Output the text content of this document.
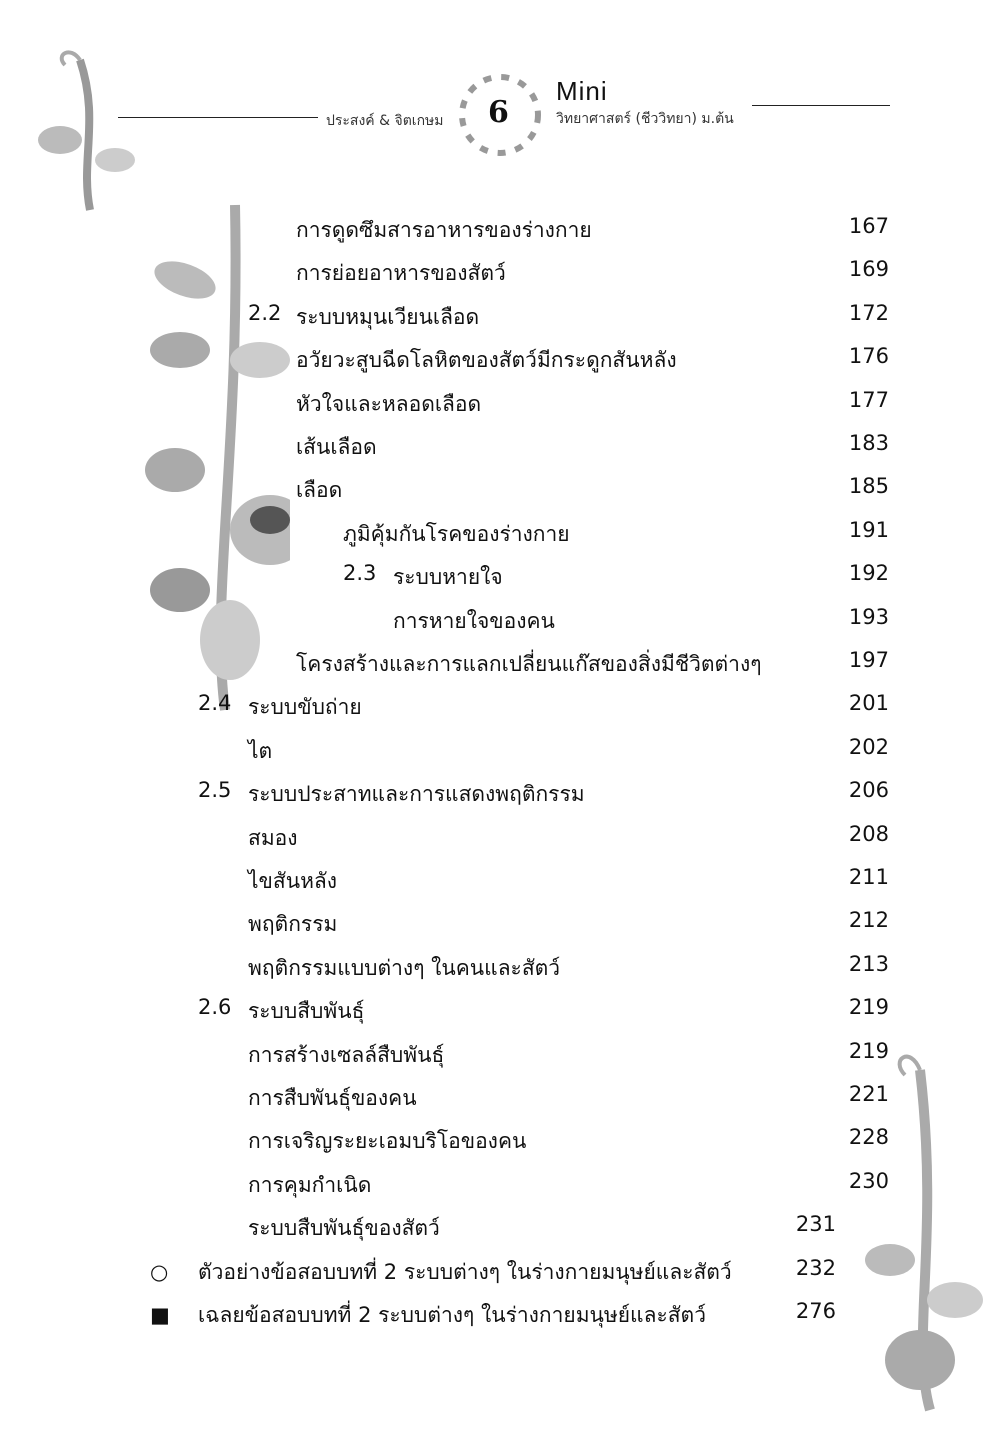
ประสงค์ & จิตเกษม 6
Mini
วิทยาศาสตร์ (ชีววิทยา) ม.ต้น
การดูดซึมสารอาหารของร่างกาย	167
การย่อยอาหารของสัตว์	169
2.2 ระบบหมุนเวียนเลือด	172
อวัยวะสูบฉีดโลหิตของสัตว์มีกระดูกสันหลัง	176
หัวใจและหลอดเลือด	177
เส้นเลือด	183
เลือด	185
ภูมิคุ้มกันโรคของร่างกาย	191
2.3 ระบบหายใจ	192
การหายใจของคน	193
โครงสร้างและการแลกเปลี่ยนแก๊สของสิ่งมีชีวิตต่างๆ	197
2.4 ระบบขับถ่าย	201
ไต	202
2.5 ระบบประสาทและการแสดงพฤติกรรม	206
สมอง	208
ไขสันหลัง	211
พฤติกรรม	212
พฤติกรรมแบบต่างๆ ในคนและสัตว์	213
2.6 ระบบสืบพันธุ์	219
การสร้างเซลล์สืบพันธุ์	219
การสืบพันธุ์ของคน	221
การเจริญระยะเอมบริโอของคน	228
การคุมกำเนิด	230
ระบบสืบพันธุ์ของสัตว์	231
○ ตัวอย่างข้อสอบบทที่ 2 ระบบต่างๆ ในร่างกายมนุษย์และสัตว์	232
■ เฉลยข้อสอบบทที่ 2 ระบบต่างๆ ในร่างกายมนุษย์และสัตว์	276
